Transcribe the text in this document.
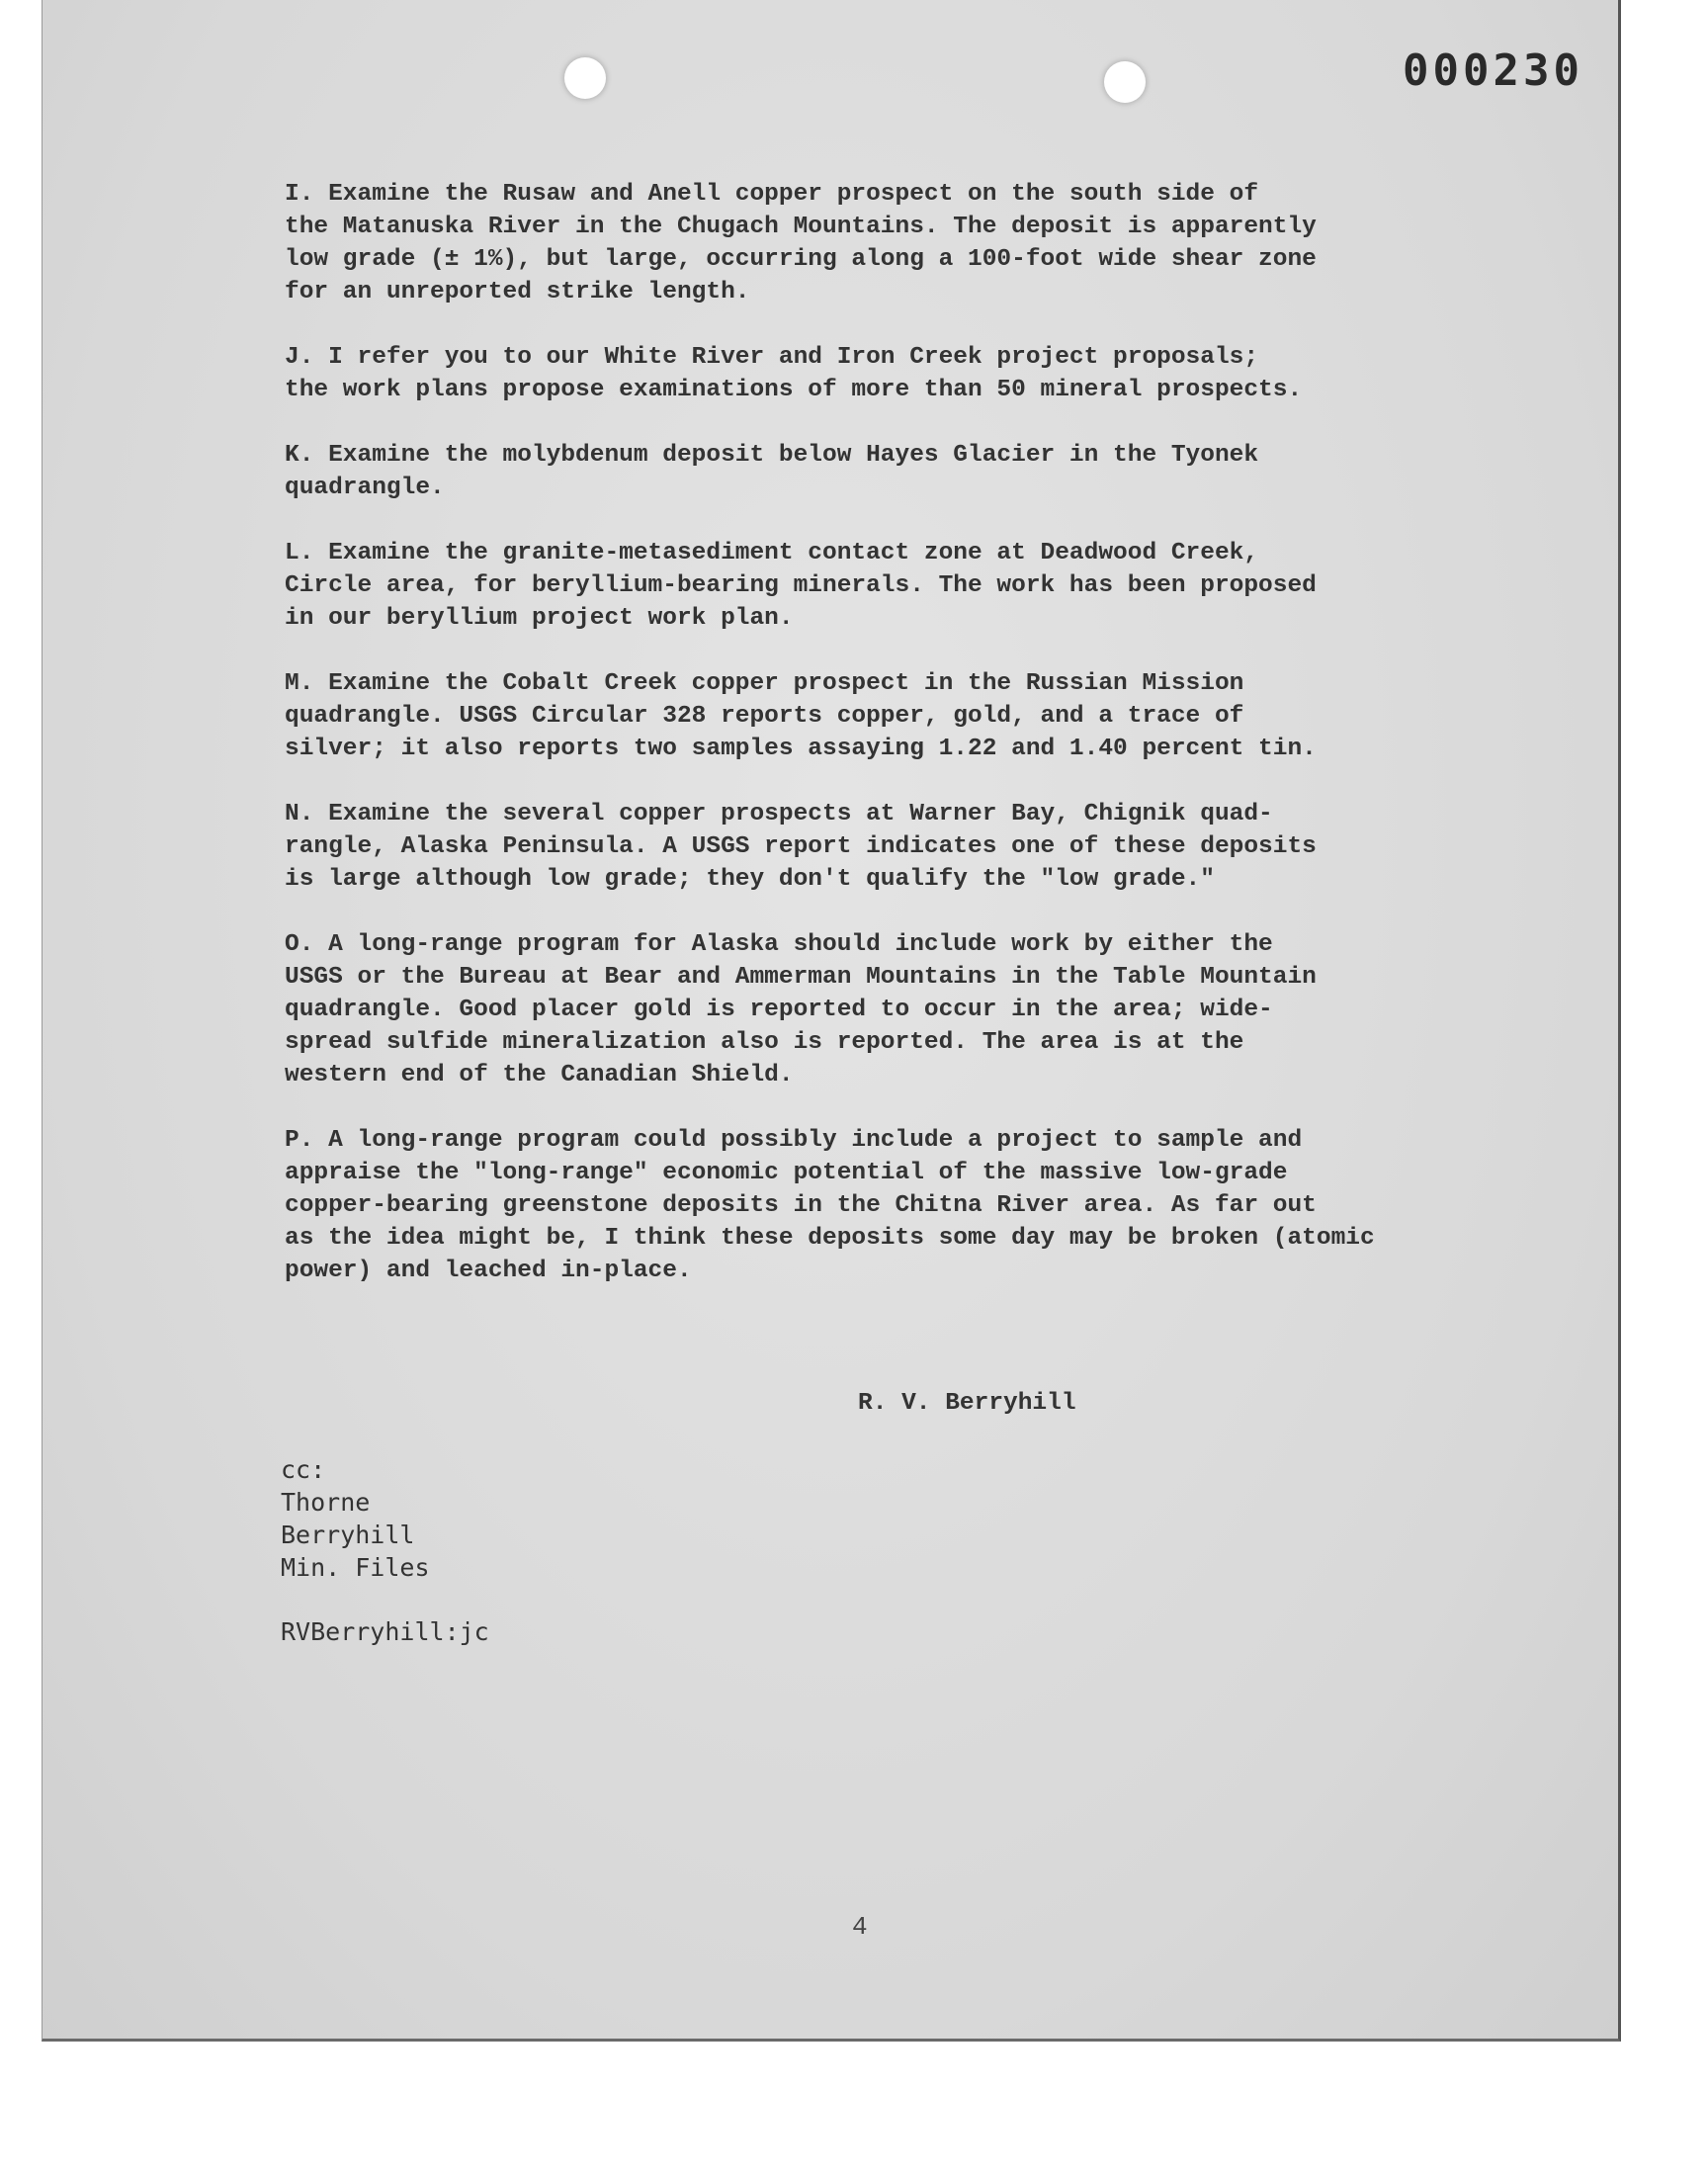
000230

I. Examine the Rusaw and Anell copper prospect on the south side of
the Matanuska River in the Chugach Mountains. The deposit is apparently
low grade (± 1%), but large, occurring along a 100-foot wide shear zone
for an unreported strike length.

J. I refer you to our White River and Iron Creek project proposals;
the work plans propose examinations of more than 50 mineral prospects.

K. Examine the molybdenum deposit below Hayes Glacier in the Tyonek
quadrangle.

L. Examine the granite-metasediment contact zone at Deadwood Creek,
Circle area, for beryllium-bearing minerals. The work has been proposed
in our beryllium project work plan.

M. Examine the Cobalt Creek copper prospect in the Russian Mission
quadrangle. USGS Circular 328 reports copper, gold, and a trace of
silver; it also reports two samples assaying 1.22 and 1.40 percent tin.

N. Examine the several copper prospects at Warner Bay, Chignik quad-
rangle, Alaska Peninsula. A USGS report indicates one of these deposits
is large although low grade; they don't qualify the "low grade."

O. A long-range program for Alaska should include work by either the
USGS or the Bureau at Bear and Ammerman Mountains in the Table Mountain
quadrangle. Good placer gold is reported to occur in the area; wide-
spread sulfide mineralization also is reported. The area is at the
western end of the Canadian Shield.

P. A long-range program could possibly include a project to sample and
appraise the "long-range" economic potential of the massive low-grade
copper-bearing greenstone deposits in the Chitna River area. As far out
as the idea might be, I think these deposits some day may be broken (atomic
power) and leached in-place.

R. V. Berryhill
cc:
Thorne
Berryhill
Min. Files
RVBerryhill:jc
4
